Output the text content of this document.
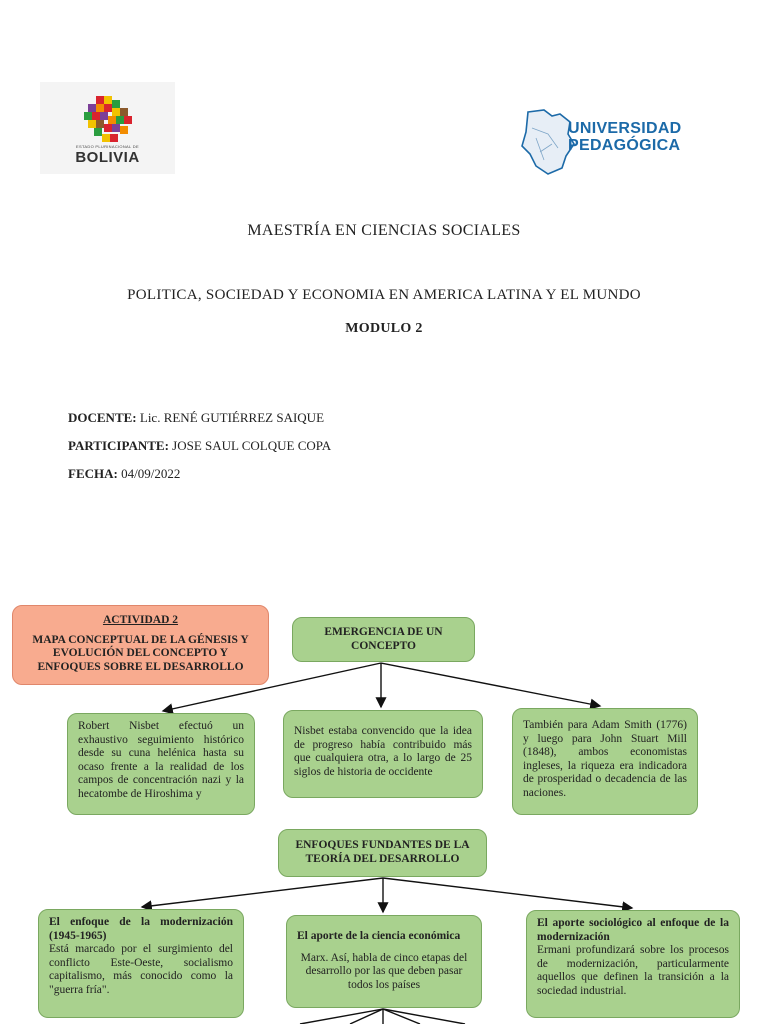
ESTADO PLURINACIONAL DE
BOLIVIA
UNIVERSIDAD
PEDAGÓGICA
MAESTRÍA EN CIENCIAS SOCIALES
POLITICA, SOCIEDAD Y ECONOMIA EN AMERICA LATINA Y EL MUNDO
MODULO 2
DOCENTE: Lic. RENÉ GUTIÉRREZ SAIQUE
PARTICIPANTE: JOSE SAUL COLQUE COPA
FECHA: 04/09/2022
ACTIVIDAD 2
MAPA CONCEPTUAL DE LA GÉNESIS Y EVOLUCIÓN DEL CONCEPTO Y ENFOQUES SOBRE EL DESARROLLO
EMERGENCIA DE UN CONCEPTO
Robert Nisbet efectuó un exhaustivo seguimiento histórico desde su cuna helénica hasta su ocaso frente a la realidad de los campos de concentración nazi y la hecatombe de Hiroshima y
Nisbet estaba convencido que la idea de progreso había contribuido más que cualquiera otra, a lo largo de 25 siglos de historia de occidente
También para Adam Smith (1776) y luego para John Stuart Mill (1848), ambos economistas ingleses, la riqueza era indicadora de prosperidad o decadencia de las naciones.
ENFOQUES FUNDANTES DE LA TEORÍA DEL DESARROLLO
El enfoque de la modernización (1945-1965)
Está marcado por el surgimiento del conflicto Este-Oeste, socialismo capitalismo, más conocido como la "guerra fría".
El aporte de la ciencia económica
Marx. Así, habla de cinco etapas del desarrollo por las que deben pasar todos los países
El aporte sociológico al enfoque de la modernización
Ermani profundizará sobre los procesos de modernización, particularmente aquellos que definen la transición a la sociedad industrial.
